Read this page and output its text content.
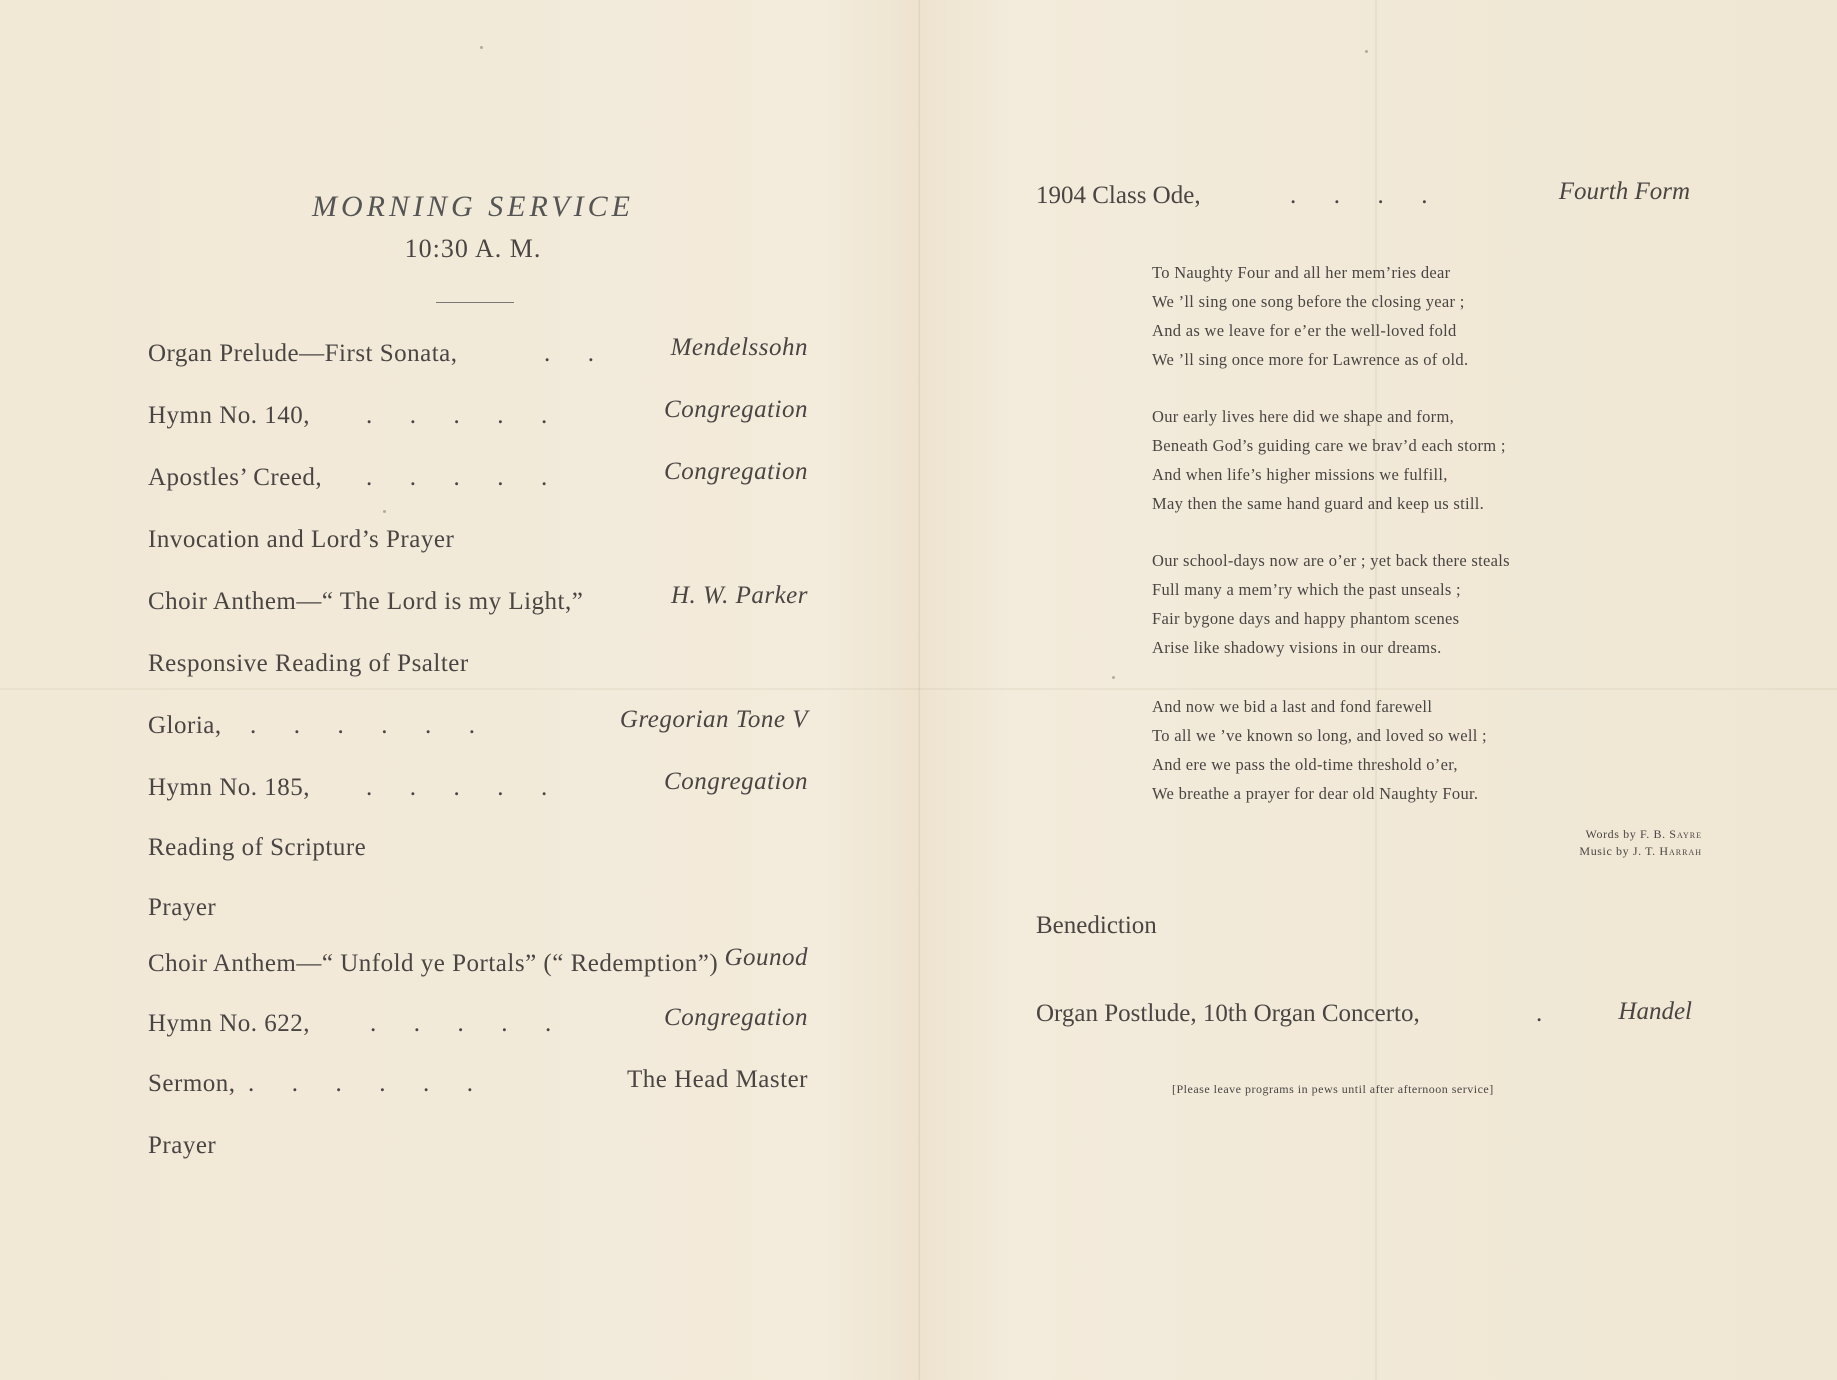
MORNING SERVICE
10:30 A. M.
Organ Prelude—First Sonata,	.      .	Mendelssohn
Hymn No. 140, .      .      .      .      .	Congregation
Apostles’ Creed, .      .      .      .      .	Congregation
Invocation and Lord’s Prayer
Choir Anthem—“ The Lord is my Light,”	H. W. Parker
Responsive Reading of Psalter
Gloria, .      .      .      .      .      .	Gregorian Tone V
Hymn No. 185, .      .      .      .      .	Congregation
Reading of Scripture
Prayer
Choir Anthem—“ Unfold ye Portals” (“ Redemption”) Gounod
Hymn No. 622, .      .      .      .      .	Congregation
Sermon, .      .      .      .      .      .	The Head Master
Prayer
1904 Class Ode,	.      .      .      .	Fourth Form
To Naughty Four and all her mem’ries dear
We ’ll sing one song before the closing year ;
And as we leave for e’er the well-loved fold
We ’ll sing once more for Lawrence as of old.
Our early lives here did we shape and form,
Beneath God’s guiding care we brav’d each storm ;
And when life’s higher missions we fulfill,
May then the same hand guard and keep us still.
Our school-days now are o’er ; yet back there steals
Full many a mem’ry which the past unseals ;
Fair bygone days and happy phantom scenes
Arise like shadowy visions in our dreams.
And now we bid a last and fond farewell
To all we ’ve known so long, and loved so well ;
And ere we pass the old-time threshold o’er,
We breathe a prayer for dear old Naughty Four.
Words by F. B. Sayre
Music by J. T. Harrah
Benediction
Organ Postlude, 10th Organ Concerto,	.	Handel
[Please leave programs in pews until after afternoon service]
